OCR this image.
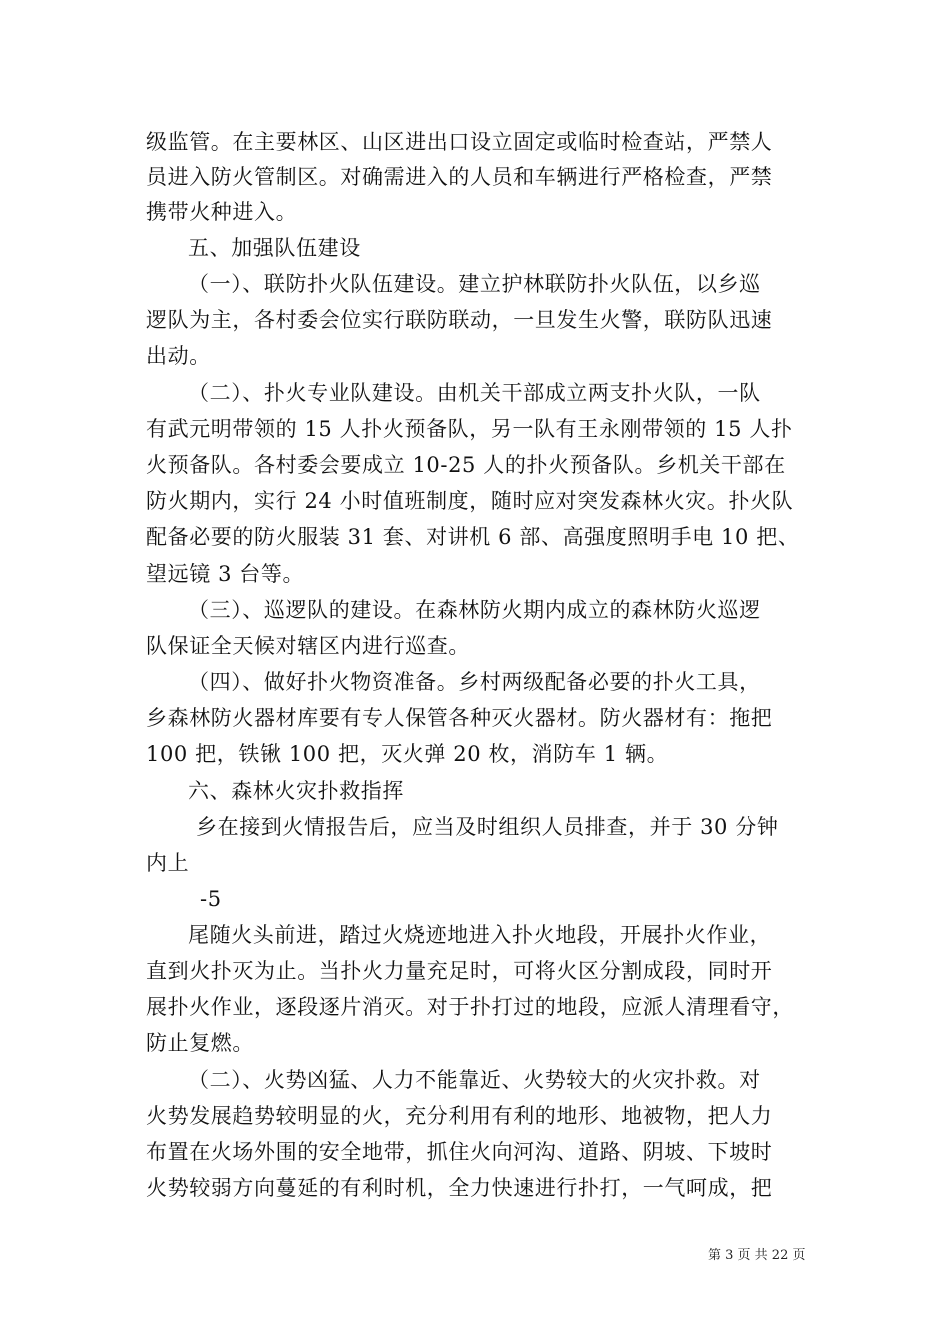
级监管。在主要林区、山区进出口设立固定或临时检查站，严禁人
员进入防火管制区。对确需进入的人员和车辆进行严格检查，严禁
携带火种进入。
五、加强队伍建设
（一）、联防扑火队伍建设。建立护林联防扑火队伍，以乡巡
逻队为主，各村委会位实行联防联动，一旦发生火警，联防队迅速
出动。
（二）、扑火专业队建设。由机关干部成立两支扑火队，一队
有武元明带领的 15 人扑火预备队，另一队有王永刚带领的 15 人扑
火预备队。各村委会要成立 10-25 人的扑火预备队。乡机关干部在
防火期内，实行 24 小时值班制度，随时应对突发森林火灾。扑火队
配备必要的防火服装 31 套、对讲机 6 部、高强度照明手电 10 把、
望远镜 3 台等。
（三）、巡逻队的建设。在森林防火期内成立的森林防火巡逻
队保证全天候对辖区内进行巡查。
（四）、做好扑火物资准备。乡村两级配备必要的扑火工具，
乡森林防火器材库要有专人保管各种灭火器材。防火器材有：拖把
100 把，铁锹 100 把，灭火弹 20 枚，消防车 1 辆。
六、森林火灾扑救指挥
乡在接到火情报告后，应当及时组织人员排查，并于 30 分钟
内上
-5
尾随火头前进，踏过火烧迹地进入扑火地段，开展扑火作业，
直到火扑灭为止。当扑火力量充足时，可将火区分割成段，同时开
展扑火作业，逐段逐片消灭。对于扑打过的地段，应派人清理看守，
防止复燃。
（二）、火势凶猛、人力不能靠近、火势较大的火灾扑救。对
火势发展趋势较明显的火，充分利用有利的地形、地被物，把人力
布置在火场外围的安全地带，抓住火向河沟、道路、阴坡、下坡时
火势较弱方向蔓延的有利时机，全力快速进行扑打，一气呵成，把
第 3 页 共 22 页
